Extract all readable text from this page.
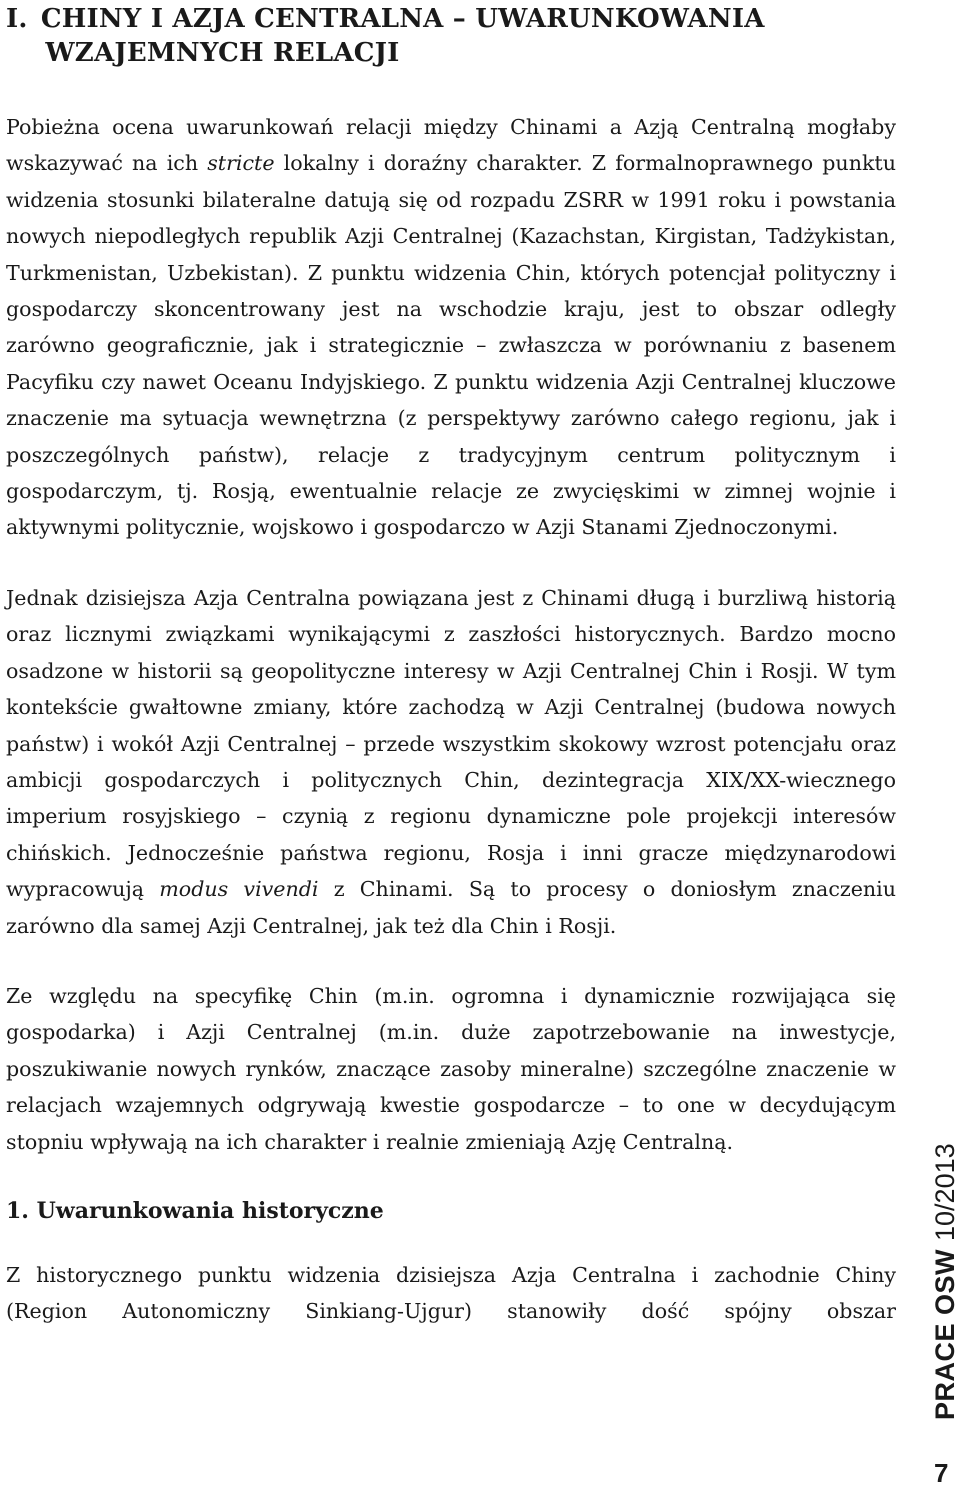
I. CHINY I AZJA CENTRALNA – UWARUNKOWANIA
  WZAJEMNYCH RELACJI

Pobieżna ocena uwarunkowań relacji między Chinami a Azją Centralną mogłaby wskazywać na ich stricte lokalny i doraźny charakter. Z formalnoprawnego punktu widzenia stosunki bilateralne datują się od rozpadu ZSRR w 1991 roku i powstania nowych niepodległych republik Azji Centralnej (Kazachstan, Kirgistan, Tadżykistan, Turkmenistan, Uzbekistan). Z punktu widzenia Chin, których potencjał polityczny i gospodarczy skoncentrowany jest na wschodzie kraju, jest to obszar odległy zarówno geograficznie, jak i strategicznie – zwłaszcza w porównaniu z basenem Pacyfiku czy nawet Oceanu Indyjskiego. Z punktu widzenia Azji Centralnej kluczowe znaczenie ma sytuacja wewnętrzna (z perspektywy zarówno całego regionu, jak i poszczególnych państw), relacje z tradycyjnym centrum politycznym i gospodarczym, tj. Rosją, ewentualnie relacje ze zwycięskimi w zimnej wojnie i aktywnymi politycznie, wojskowo i gospodarczo w Azji Stanami Zjednoczonymi.

Jednak dzisiejsza Azja Centralna powiązana jest z Chinami długą i burzliwą historią oraz licznymi związkami wynikającymi z zaszłości historycznych. Bardzo mocno osadzone w historii są geopolityczne interesy w Azji Centralnej Chin i Rosji. W tym kontekście gwałtowne zmiany, które zachodzą w Azji Centralnej (budowa nowych państw) i wokół Azji Centralnej – przede wszystkim skokowy wzrost potencjału oraz ambicji gospodarczych i politycznych Chin, dezintegracja XIX/XX-wiecznego imperium rosyjskiego – czynią z regionu dynamiczne pole projekcji interesów chińskich. Jednocześnie państwa regionu, Rosja i inni gracze międzynarodowi wypracowują modus vivendi z Chinami. Są to procesy o doniosłym znaczeniu zarówno dla samej Azji Centralnej, jak też dla Chin i Rosji.

Ze względu na specyfikę Chin (m.in. ogromna i dynamicznie rozwijająca się gospodarka) i Azji Centralnej (m.in. duże zapotrzebowanie na inwestycje, poszukiwanie nowych rynków, znaczące zasoby mineralne) szczególne znaczenie w relacjach wzajemnych odgrywają kwestie gospodarcze – to one w decydującym stopniu wpływają na ich charakter i realnie zmieniają Azję Centralną.

1. Uwarunkowania historyczne

Z historycznego punktu widzenia dzisiejsza Azja Centralna i zachodnie Chiny (Region Autonomiczny Sinkiang-Ujgur) stanowiły dość spójny obszar PRACE OSW10/2013
7
